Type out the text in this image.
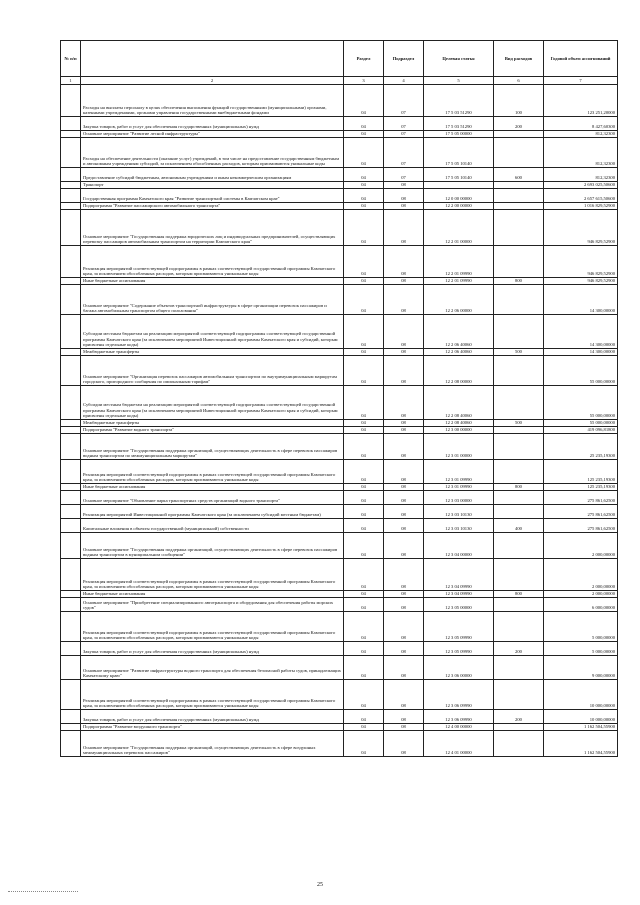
№ п/п		Раздел	Подраздел	Целевая статья	Вид расходов	Годовой объем ассигнований
1	2	3	4	5	6	7
	Расходы на выплаты персоналу в целях обеспечения выполнения функций государственными (муниципальными) органами, казенными учреждениями, органами управления государственными внебюджетными фондами	04	07	17 5 03 51290	100	123 251,20000
	Закупка товаров, работ и услуг для обеспечения государственных (муниципальных) нужд	04	07	17 5 03 51290	200	8 427,60300
	Основное мероприятие "Развитие лесной инфраструктуры"	04	07	17 5 05 00000		812,32300
	Расходы на обеспечение деятельности (оказание услуг) учреждений, в том числе на предоставление государственным бюджетным и автономным учреждениям субсидий, за исключением обособленных расходов, которым присваиваются уникальные коды	04	07	17 5 05 10140		812,32300
	Предоставление субсидий бюджетным, автономным учреждениям и иным некоммерческим организациям	04	07	17 5 05 10140	600	812,32300
	Транспорт	04	08			2 693 025,50600
	Государственная программа Камчатского края "Развитие транспортной системы в Камчатском крае"	04	08	12 0 00 00000		2 657 615,50600
	Подпрограмма "Развитие пассажирского автомобильного транспорта"	04	08	12 2 00 00000		1 016 829,52900
	Основное мероприятие "Государственная поддержка юридических лиц и индивидуальных предпринимателей, осуществляющих перевозку пассажиров автомобильным транспортом на территории Камчатского края"	04	08	12 2 01 00000		946 829,52900
	Реализация мероприятий соответствующей подпрограммы в рамках соответствующей государственной программы Камчатского края, за исключением обособленных расходов, которым присваиваются уникальные коды	04	08	12 2 01 09990		946 829,52900
	Иные бюджетные ассигнования	04	08	12 2 01 09990	800	946 829,52900
	Основное мероприятие "Содержание объектов транспортной инфраструктуры в сфере организации перевозок пассажиров и багажа автомобильным транспортом общего пользования"	04	08	12 2 06 00000		14 300,00000
	Субсидии местным бюджетам на реализацию мероприятий соответствующей подпрограммы соответствующей государственной программы Камчатского края (за исключением мероприятий Инвестиционной программы Камчатского края и субсидий, которым присвоены отдельные коды)	04	08	12 2 06 40060		14 300,00000
	Межбюджетные трансферты	04	08	12 2 06 40060	500	14 300,00000
	Основное мероприятие "Организация перевозок пассажиров автомобильным транспортом по внутримуниципальным маршрутам городского, пригородного сообщения по омиональным тарифам"	04	08	12 2 08 00000		55 000,00000
	Субсидии местным бюджетам на реализацию мероприятий соответствующей подпрограммы соответствующей государственной программы Камчатского края (за исключением мероприятий Инвестиционной программы Камчатского края и субсидий, которым присвоены отдельные коды)	04	08	12 2 08 40060		55 000,00000
	Межбюджетные трансферты	04	08	12 2 08 40060	500	55 000,00000
	Подпрограмма "Развитие водного транспорта"	04	08	12 3 00 00000		419 096,81800
	Основное мероприятие "Государственная поддержка организаций, осуществляющих деятельность в сфере перевозок пассажиров водным транспортом по межмуниципальным маршрутам"	04	08	12 3 01 00000		25 235,19300
	Реализация мероприятий соответствующей подпрограммы в рамках соответствующей государственной программы Камчатского края, за исключением обособленных расходов, которым присваиваются уникальные коды	04	08	12 3 01 09990		125 235,19300
	Иные бюджетные ассигнования	04	08	12 3 01 09990	800	125 235,19300
	Основное мероприятие "Обновление парка транспортных средств организаций водного транспорта"	04	08	12 3 03 00000		275 861,62500
	Реализация мероприятий Инвестиционной программы Камчатского края (за исключением субсидий местным бюджетам)	04	08	12 3 03 10130		275 861,62500
	Капитальные вложения в объекты государственной (муниципальной) собственности	04	08	12 3 03 10130	400	275 861,62500
	Основное мероприятие "Государственная поддержка организаций, осуществляющих деятельность в сфере перевозок пассажиров водным транспортом в муниципальном сообщении"	04	08	12 3 04 00000		2 000,00000
	Реализация мероприятий соответствующей подпрограммы в рамках соответствующей государственной программы Камчатского края, за исключением обособленных расходов, которым присваиваются уникальные коды	04	08	12 3 04 09990		2 000,00000
	Иные бюджетные ассигнования	04	08	12 3 04 09990	800	2 000,00000
	Основное мероприятие "Приобретение специализированного автотранспорта и оборудования для обеспечения работы морских судов"	04	08	12 3 05 00000		6 000,00000
	Реализация мероприятий соответствующей подпрограммы в рамках соответствующей государственной программы Камчатского края, за исключением обособленных расходов, которым присваиваются уникальные коды	04	08	12 3 05 09990		5 000,00000
	Закупка товаров, работ и услуг для обеспечения государственных (муниципальных) нужд	04	08	12 3 05 09990	200	5 000,00000
	Основное мероприятие "Развитие инфраструктуры водного транспорта для обеспечения безопасной работы судов, принадлежащих Камчатскому краю"	04	08	12 3 06 00000		9 000,00000
	Реализация мероприятий соответствующей подпрограммы в рамках соответствующей государственной программы Камчатского края, за исключением обособленных расходов, которым присваиваются уникальные коды	04	08	12 3 06 09990		10 000,00000
	Закупка товаров, работ и услуг для обеспечения государственных (муниципальных) нужд	04	08	12 3 06 09990	200	10 000,00000
	Подпрограмма "Развитие воздушного транспорта"	04	08	12 4 00 00000		1 162 504,55900
	Основное мероприятие "Государственная поддержка организаций, осуществляющих деятельность в сфере воздушных межмуниципальных перевозок пассажиров"	04	08	12 4 01 00000		1 162 504,55900
25
